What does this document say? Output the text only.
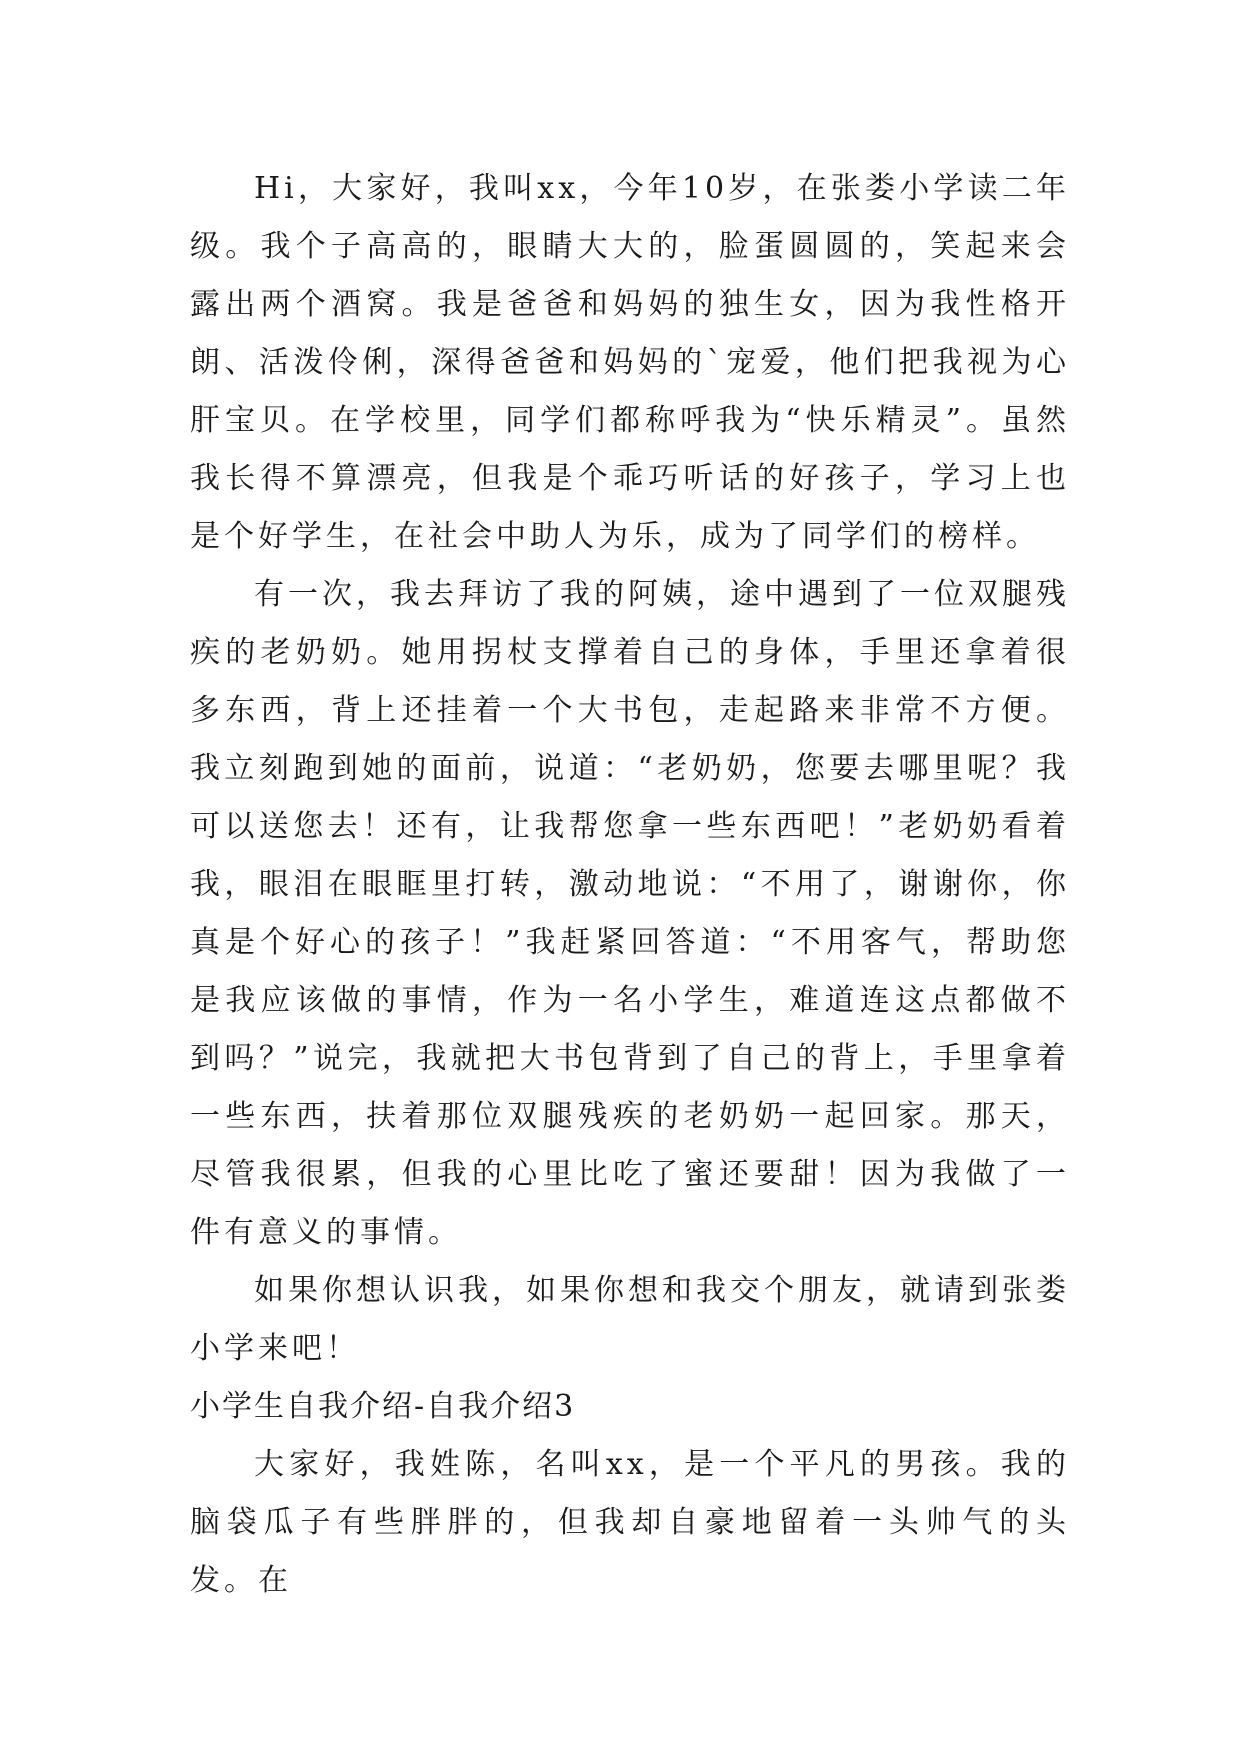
Hi，大家好，我叫xx，今年10岁，在张娄小学读二年级。我个子高高的，眼睛大大的，脸蛋圆圆的，笑起来会露出两个酒窝。我是爸爸和妈妈的独生女，因为我性格开朗、活泼伶俐，深得爸爸和妈妈的`宠爱，他们把我视为心肝宝贝。在学校里，同学们都称呼我为“快乐精灵”。虽然我长得不算漂亮，但我是个乖巧听话的好孩子，学习上也是个好学生，在社会中助人为乐，成为了同学们的榜样。

有一次，我去拜访了我的阿姨，途中遇到了一位双腿残疾的老奶奶。她用拐杖支撑着自己的身体，手里还拿着很多东西，背上还挂着一个大书包，走起路来非常不方便。我立刻跑到她的面前，说道：“老奶奶，您要去哪里呢？我可以送您去！还有，让我帮您拿一些东西吧！”老奶奶看着我，眼泪在眼眶里打转，激动地说：“不用了，谢谢你，你真是个好心的孩子！”我赶紧回答道：“不用客气，帮助您是我应该做的事情，作为一名小学生，难道连这点都做不到吗？”说完，我就把大书包背到了自己的背上，手里拿着一些东西，扶着那位双腿残疾的老奶奶一起回家。那天，尽管我很累，但我的心里比吃了蜜还要甜！因为我做了一件有意义的事情。

如果你想认识我，如果你想和我交个朋友，就请到张娄小学来吧！

小学生自我介绍-自我介绍3

大家好，我姓陈，名叫xx，是一个平凡的男孩。我的脑袋瓜子有些胖胖的，但我却自豪地留着一头帅气的头发。在
